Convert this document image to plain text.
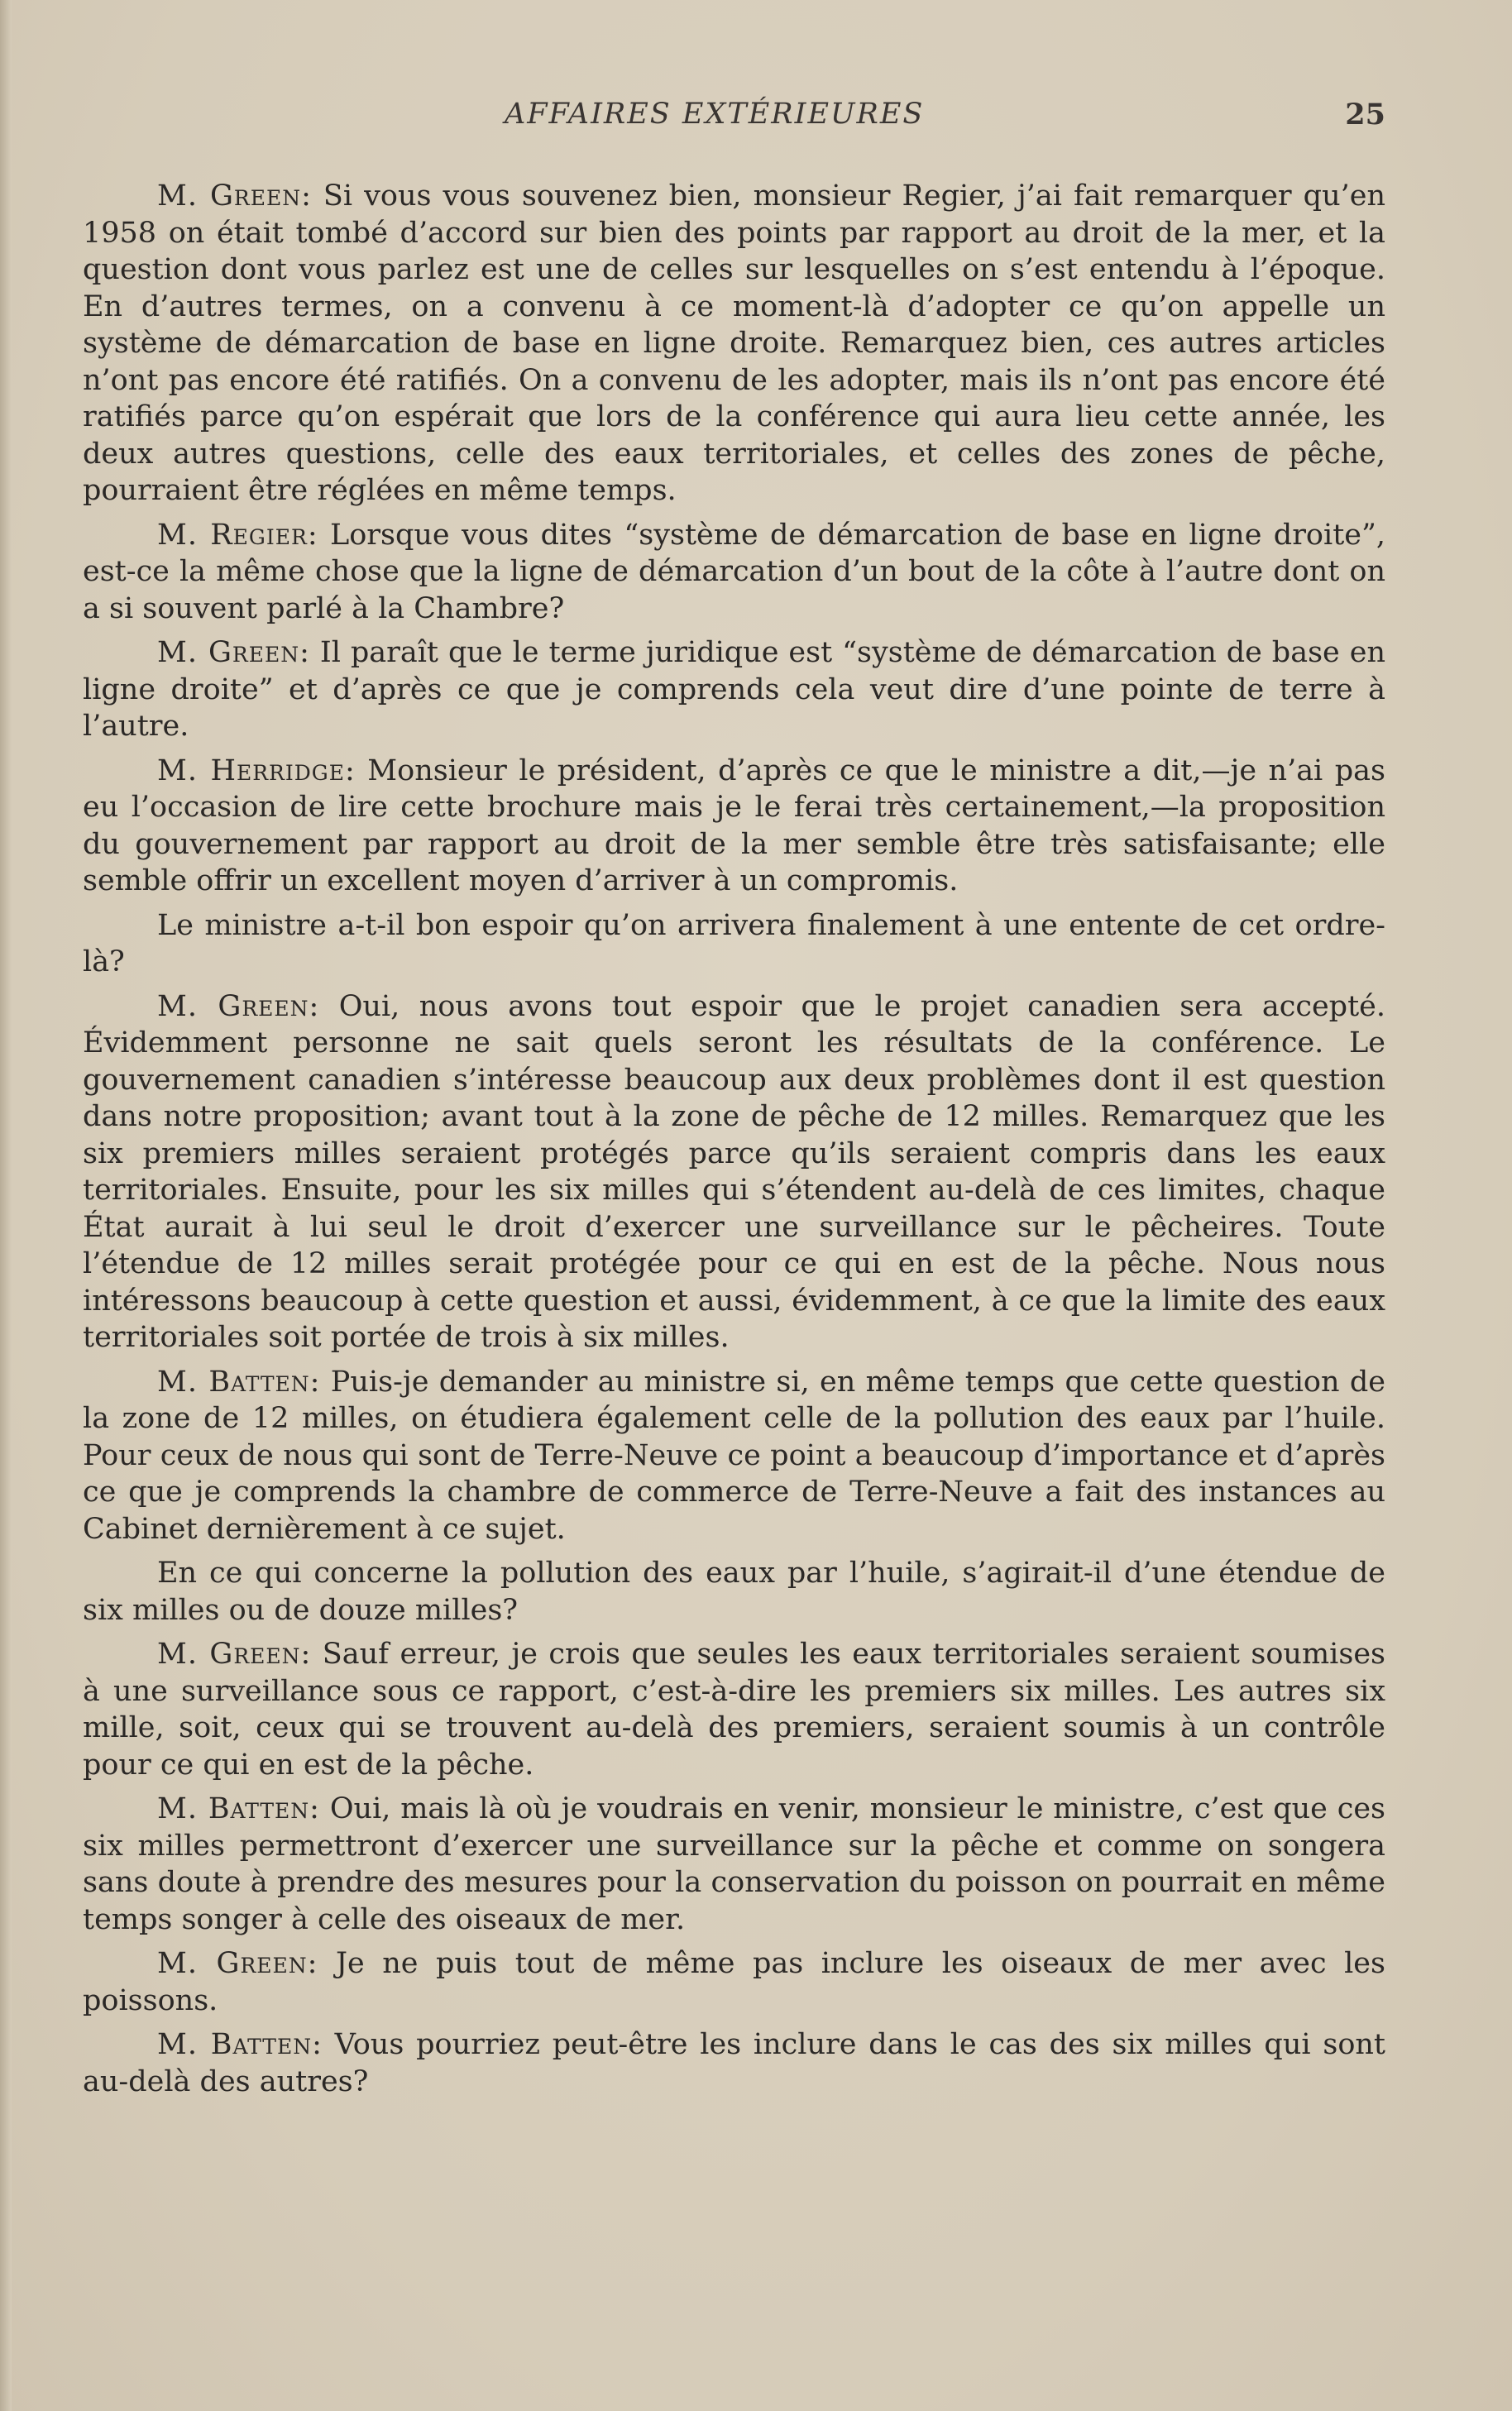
AFFAIRES EXTÉRIEURES	25

M. Green: Si vous vous souvenez bien, monsieur Regier, j’ai fait remarquer qu’en 1958 on était tombé d’accord sur bien des points par rapport au droit de la mer, et la question dont vous parlez est une de celles sur lesquelles on s’est entendu à l’époque. En d’autres termes, on a convenu à ce moment-là d’adopter ce qu’on appelle un système de démarcation de base en ligne droite. Remarquez bien, ces autres articles n’ont pas encore été ratifiés. On a convenu de les adopter, mais ils n’ont pas encore été ratifiés parce qu’on espérait que lors de la conférence qui aura lieu cette année, les deux autres questions, celle des eaux territoriales, et celles des zones de pêche, pourraient être réglées en même temps.

M. Regier: Lorsque vous dites “système de démarcation de base en ligne droite”, est-ce la même chose que la ligne de démarcation d’un bout de la côte à l’autre dont on a si souvent parlé à la Chambre?

M. Green: Il paraît que le terme juridique est “système de démarcation de base en ligne droite” et d’après ce que je comprends cela veut dire d’une pointe de terre à l’autre.

M. Herridge: Monsieur le président, d’après ce que le ministre a dit,—je n’ai pas eu l’occasion de lire cette brochure mais je le ferai très certainement,—la proposition du gouvernement par rapport au droit de la mer semble être très satisfaisante; elle semble offrir un excellent moyen d’arriver à un compromis.

Le ministre a-t-il bon espoir qu’on arrivera finalement à une entente de cet ordre-là?

M. Green: Oui, nous avons tout espoir que le projet canadien sera accepté. Évidemment personne ne sait quels seront les résultats de la conférence. Le gouvernement canadien s’intéresse beaucoup aux deux problèmes dont il est question dans notre proposition; avant tout à la zone de pêche de 12 milles. Remarquez que les six premiers milles seraient protégés parce qu’ils seraient compris dans les eaux territoriales. Ensuite, pour les six milles qui s’étendent au-delà de ces limites, chaque État aurait à lui seul le droit d’exercer une surveillance sur le pêcheires. Toute l’étendue de 12 milles serait protégée pour ce qui en est de la pêche. Nous nous intéressons beaucoup à cette question et aussi, évidemment, à ce que la limite des eaux territoriales soit portée de trois à six milles.

M. Batten: Puis-je demander au ministre si, en même temps que cette question de la zone de 12 milles, on étudiera également celle de la pollution des eaux par l’huile. Pour ceux de nous qui sont de Terre-Neuve ce point a beaucoup d’importance et d’après ce que je comprends la chambre de commerce de Terre-Neuve a fait des instances au Cabinet dernièrement à ce sujet.

En ce qui concerne la pollution des eaux par l’huile, s’agirait-il d’une étendue de six milles ou de douze milles?

M. Green: Sauf erreur, je crois que seules les eaux territoriales seraient soumises à une surveillance sous ce rapport, c’est-à-dire les premiers six milles. Les autres six mille, soit, ceux qui se trouvent au-delà des premiers, seraient soumis à un contrôle pour ce qui en est de la pêche.

M. Batten: Oui, mais là où je voudrais en venir, monsieur le ministre, c’est que ces six milles permettront d’exercer une surveillance sur la pêche et comme on songera sans doute à prendre des mesures pour la conservation du poisson on pourrait en même temps songer à celle des oiseaux de mer.

M. Green: Je ne puis tout de même pas inclure les oiseaux de mer avec les poissons.

M. Batten: Vous pourriez peut-être les inclure dans le cas des six milles qui sont au-delà des autres?
